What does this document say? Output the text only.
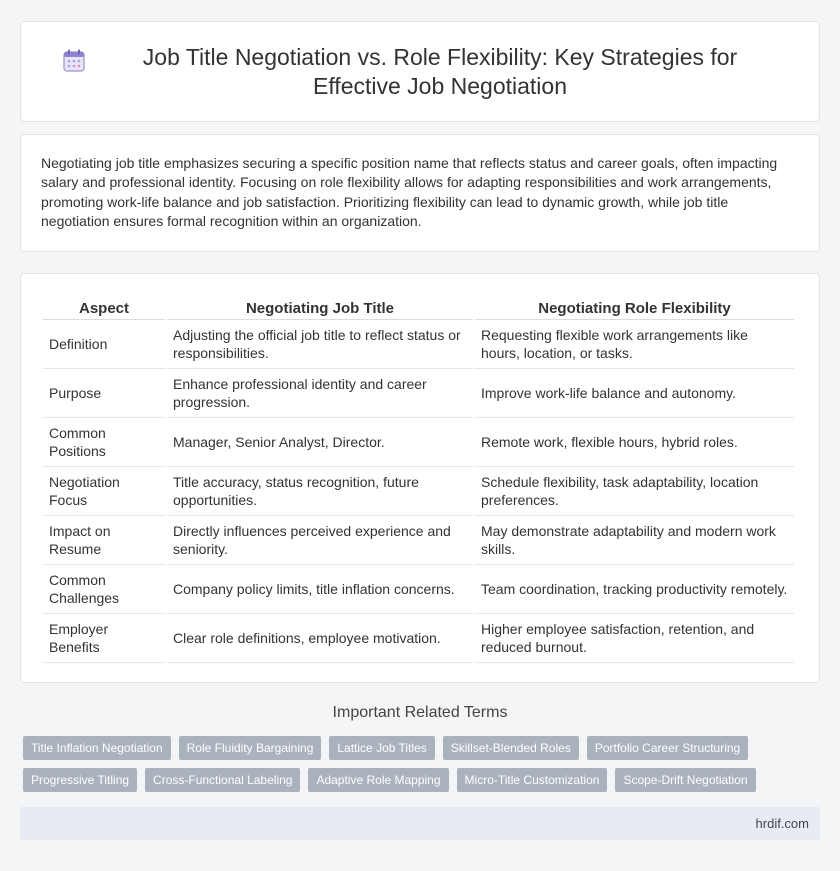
Job Title Negotiation vs. Role Flexibility: Key Strategies for Effective Job Negotiation

Negotiating job title emphasizes securing a specific position name that reflects status and career goals, often impacting salary and professional identity. Focusing on role flexibility allows for adapting responsibilities and work arrangements, promoting work-life balance and job satisfaction. Prioritizing flexibility can lead to dynamic growth, while job title negotiation ensures formal recognition within an organization.

Aspect	Negotiating Job Title	Negotiating Role Flexibility
Definition	Adjusting the official job title to reflect status or responsibilities.	Requesting flexible work arrangements like hours, location, or tasks.
Purpose	Enhance professional identity and career progression.	Improve work-life balance and autonomy.
Common Positions	Manager, Senior Analyst, Director.	Remote work, flexible hours, hybrid roles.
Negotiation Focus	Title accuracy, status recognition, future opportunities.	Schedule flexibility, task adaptability, location preferences.
Impact on Resume	Directly influences perceived experience and seniority.	May demonstrate adaptability and modern work skills.
Common Challenges	Company policy limits, title inflation concerns.	Team coordination, tracking productivity remotely.
Employer Benefits	Clear role definitions, employee motivation.	Higher employee satisfaction, retention, and reduced burnout.
Important Related Terms
Title Inflation Negotiation	Role Fluidity Bargaining	Lattice Job Titles	Skillset-Blended Roles	Portfolio Career Structuring
Progressive Titling	Cross-Functional Labeling	Adaptive Role Mapping	Micro-Title Customization	Scope-Drift Negotiation
hrdif.com
